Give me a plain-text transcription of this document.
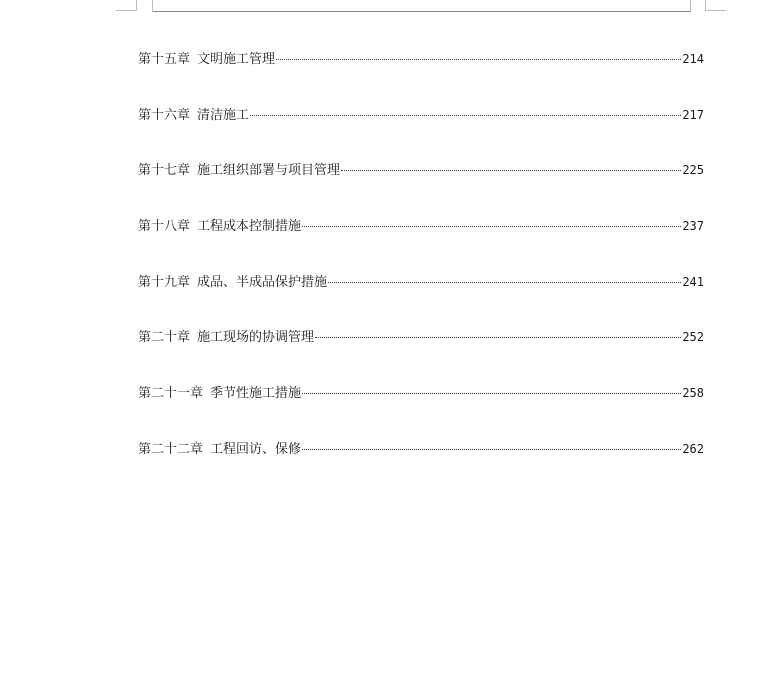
第十五章 文明施工管理	214
第十六章 清洁施工	217
第十七章 施工组织部署与项目管理	225
第十八章 工程成本控制措施	237
第十九章 成品、半成品保护措施	241
第二十章 施工现场的协调管理	252
第二十一章 季节性施工措施	258
第二十二章 工程回访、保修	262
